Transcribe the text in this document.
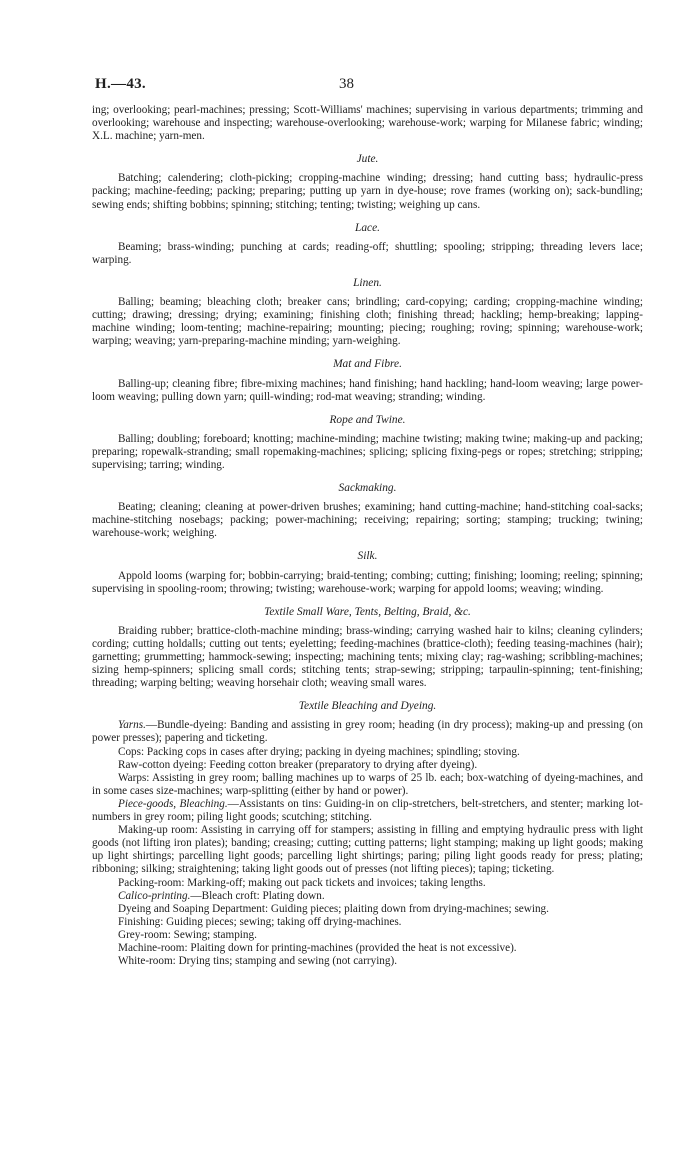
H.—43.	38

ing; overlooking; pearl-machines; pressing; Scott-Williams' machines; supervising in various departments; trimming and overlooking; warehouse and inspecting; warehouse-overlooking; warehouse-work; warping for Milanese fabric; winding; X.L. machine; yarn-men.

Jute.

Batching; calendering; cloth-picking; cropping-machine winding; dressing; hand cutting bass; hydraulic-press packing; machine-feeding; packing; preparing; putting up yarn in dye-house; rove frames (working on); sack-bundling; sewing ends; shifting bobbins; spinning; stitching; tenting; twisting; weighing up cans.

Lace.

Beaming; brass-winding; punching at cards; reading-off; shuttling; spooling; stripping; threading levers lace; warping.

Linen.

Balling; beaming; bleaching cloth; breaker cans; brindling; card-copying; carding; cropping-machine winding; cutting; drawing; dressing; drying; examining; finishing cloth; finishing thread; hackling; hemp-breaking; lapping-machine winding; loom-tenting; machine-repairing; mounting; piecing; roughing; roving; spinning; warehouse-work; warping; weaving; yarn-preparing-machine minding; yarn-weighing.

Mat and Fibre.

Balling-up; cleaning fibre; fibre-mixing machines; hand finishing; hand hackling; hand-loom weaving; large power-loom weaving; pulling down yarn; quill-winding; rod-mat weaving; stranding; winding.

Rope and Twine.

Balling; doubling; foreboard; knotting; machine-minding; machine twisting; making twine; making-up and packing; preparing; ropewalk-stranding; small ropemaking-machines; splicing; splicing fixing-pegs or ropes; stretching; stripping; supervising; tarring; winding.

Sackmaking.

Beating; cleaning; cleaning at power-driven brushes; examining; hand cutting-machine; hand-stitching coal-sacks; machine-stitching nosebags; packing; power-machining; receiving; repairing; sorting; stamping; trucking; twining; warehouse-work; weighing.

Silk.

Appold looms (warping for; bobbin-carrying; braid-tenting; combing; cutting; finishing; looming; reeling; spinning; supervising in spooling-room; throwing; twisting; warehouse-work; warping for appold looms; weaving; winding.

Textile Small Ware, Tents, Belting, Braid, &c.

Braiding rubber; brattice-cloth-machine minding; brass-winding; carrying washed hair to kilns; cleaning cylinders; cording; cutting holdalls; cutting out tents; eyeletting; feeding-machines (brattice-cloth); feeding teasing-machines (hair); garnetting; grummetting; hammock-sewing; inspecting; machining tents; mixing clay; rag-washing; scribbling-machines; sizing hemp-spinners; splicing small cords; stitching tents; strap-sewing; stripping; tarpaulin-spinning; tent-finishing; threading; warping belting; weaving horsehair cloth; weaving small wares.

Textile Bleaching and Dyeing.

Yarns.—Bundle-dyeing: Banding and assisting in grey room; heading (in dry process); making-up and pressing (on power presses); papering and ticketing.

Cops: Packing cops in cases after drying; packing in dyeing machines; spindling; stoving.

Raw-cotton dyeing: Feeding cotton breaker (preparatory to drying after dyeing).

Warps: Assisting in grey room; balling machines up to warps of 25 lb. each; box-watching of dyeing-machines, and in some cases size-machines; warp-splitting (either by hand or power).

Piece-goods, Bleaching.—Assistants on tins: Guiding-in on clip-stretchers, belt-stretchers, and stenter; marking lot-numbers in grey room; piling light goods; scutching; stitching.

Making-up room: Assisting in carrying off for stampers; assisting in filling and emptying hydraulic press with light goods (not lifting iron plates); banding; creasing; cutting; cutting patterns; light stamping; making up light goods; making up light shirtings; parcelling light goods; parcelling light shirtings; paring; piling light goods ready for press; plating; ribboning; silking; straightening; taking light goods out of presses (not lifting pieces); taping; ticketing.

Packing-room: Marking-off; making out pack tickets and invoices; taking lengths.

Calico-printing.—Bleach croft: Plating down.

Dyeing and Soaping Department: Guiding pieces; plaiting down from drying-machines; sewing.

Finishing: Guiding pieces; sewing; taking off drying-machines.

Grey-room: Sewing; stamping.

Machine-room: Plaiting down for printing-machines (provided the heat is not excessive).

White-room: Drying tins; stamping and sewing (not carrying).
